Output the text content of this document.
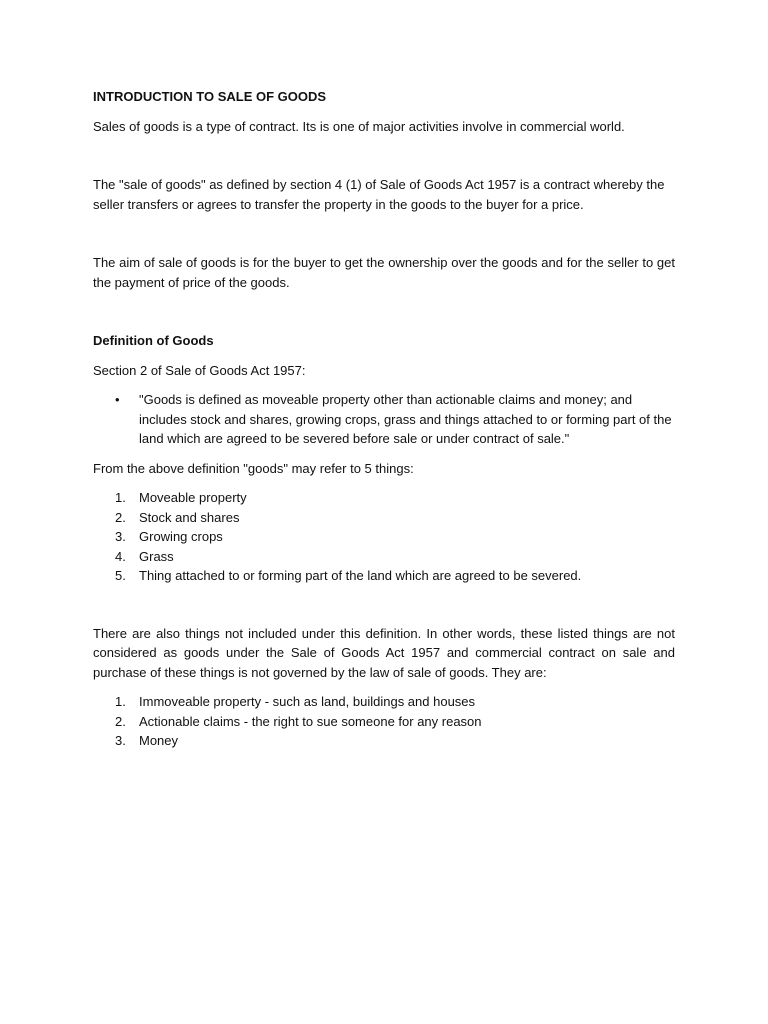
INTRODUCTION TO SALE OF GOODS

Sales of goods is a type of contract. Its is one of major activities involve in commercial world.

The "sale of goods" as defined by section 4 (1) of Sale of Goods Act 1957 is a contract whereby the seller transfers or agrees to transfer the property in the goods to the buyer for a price.

The aim of sale of goods is for the buyer to get the ownership over the goods and for the seller to get the payment of price of the goods.

Definition of Goods

Section 2 of Sale of Goods Act 1957:

• "Goods is defined as moveable property other than actionable claims and money; and includes stock and shares, growing crops, grass and things attached to or forming part of the land which are agreed to be severed before sale or under contract of sale."

From the above definition "goods" may refer to 5 things:

1. Moveable property
2. Stock and shares
3. Growing crops
4. Grass
5. Thing attached to or forming part of the land which are agreed to be severed.

There are also things not included under this definition. In other words, these listed things are not considered as goods under the Sale of Goods Act 1957 and commercial contract on sale and purchase of these things is not governed by the law of sale of goods. They are:

1. Immoveable property - such as land, buildings and houses
2. Actionable claims - the right to sue someone for any reason
3. Money
